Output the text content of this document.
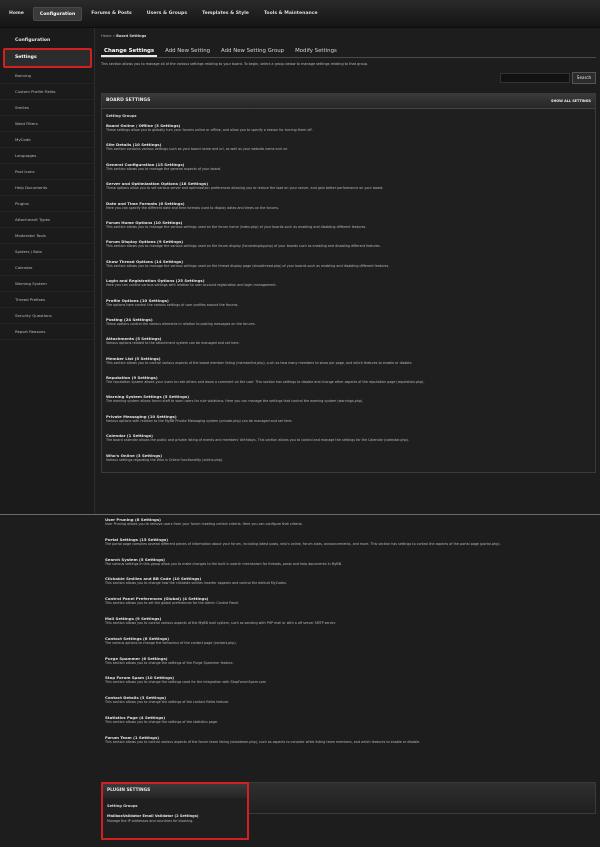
Home	Configuration	Forums & Posts	Users & Groups	Templates & Style	Tools & Maintenance
Configuration
Settings
Banning
Custom Profile Fields
Smilies
Word Filters
MyCode
Languages
Post Icons
Help Documents
Plugins
Attachment Types
Moderator Tools
Spiders / Bots
Calendar
Warning System
Thread Prefixes
Security Questions
Report Reasons
Home » Board Settings
Change Settings	Add New Setting	Add New Setting Group	Modify Settings
This section allows you to manage all of the various settings relating to your board. To begin, select a group below to manage settings relating to that group.
Search
BOARD SETTINGS	SHOW ALL SETTINGS
Setting Groups
Board Online / Offline (3 Settings)
These settings allow you to globally turn your forums online or offline, and allow you to specify a reason for turning them off.
Site Details (10 Settings)
This section contains various settings such as your board name and url, as well as your website name and url.
General Configuration (15 Settings)
This section allows you to manage the general aspects of your board.
Server and Optimization Options (18 Settings)
These options allow you to set various server and optimization preferences allowing you to reduce the load on your server, and gain better performance on your board.
Date and Time Formats (6 Settings)
Here you can specify the different date and time formats used to display dates and times on the forums.
Forum Home Options (10 Settings)
This section allows you to manage the various settings used on the forum home (index.php) of your boards such as enabling and disabling different features.
Forum Display Options (9 Settings)
This section allows you to manage the various settings used on the forum display (forumdisplay.php) of your boards such as enabling and disabling different features.
Show Thread Options (14 Settings)
This section allows you to manage the various settings used on the thread display page (showthread.php) of your boards such as enabling and disabling different features.
Login and Registration Options (25 Settings)
Here you can control various settings with relation to user account registration and login management.
Profile Options (10 Settings)
The options here control the various settings of user profiles around the forums.
Posting (24 Settings)
These options control the various elements in relation to posting messages on the forums.
Attachments (5 Settings)
Various options related to the attachment system can be managed and set here.
Member List (5 Settings)
This section allows you to control various aspects of the board member listing (memberlist.php), such as how many members to show per page, and which features to enable or disable.
Reputation (9 Settings)
The reputation system allows your users to rate others and leave a comment on the user. This section has settings to disable and change other aspects of the reputation page (reputation.php).
Warning System Settings (5 Settings)
The warning system allows forum staff to warn users for rule violations. Here you can manage the settings that control the warning system (warnings.php).
Private Messaging (10 Settings)
Various options with relation to the MyBB Private Messaging system (private.php) can be managed and set here.
Calendar (1 Settings)
The board calendar allows the public and private listing of events and members' birthdays. This section allows you to control and manage the settings for the Calendar (calendar.php).
Who's Online (3 Settings)
Various settings regarding the Who is Online functionality (online.php).
User Pruning (8 Settings)
User Pruning allows you to remove users from your forum meeting certain criteria. Here you can configure that criteria.
Portal Settings (15 Settings)
The portal page compiles several different pieces of information about your forum, including latest posts, who's online, forum stats, announcements, and more. This section has settings to control the aspects of the portal page (portal.php).
Search System (5 Settings)
The various settings in this group allow you to make changes to the built in search mechanism for threads, posts and help documents in MyBB.
Clickable Smilies and BB Code (10 Settings)
This section allows you to change how the clickable smilies inserter appears and control the default MyCodes.
Control Panel Preferences (Global) (4 Settings)
This section allows you to set the global preferences for the Admin Control Panel.
Mail Settings (9 Settings)
This section allows you to control various aspects of the MyBB mail system, such as sending with PHP mail or with a off server SMTP server.
Contact Settings (6 Settings)
The various options to change the behaviour of the contact page (contact.php).
Purge Spammer (6 Settings)
This section allows you to change the settings of the Purge Spammer feature.
Stop Forum Spam (10 Settings)
This section allows you to change the settings used for the integration with StopForumSpam.com
Contact Details (3 Settings)
This section allows you to change the settings of the contact fields feature.
Statistics Page (4 Settings)
This section allows you to change the settings of the statistics page.
Forum Team (1 Settings)
This section allows you to control various aspects of the forum team listing (showteam.php), such as aspects to consider while listing team members, and which features to enable or disable.
PLUGIN SETTINGS
Setting Groups
MailboxValidator Email Validator (2 Settings)
Manage the IP addresses and countries for blocking.
